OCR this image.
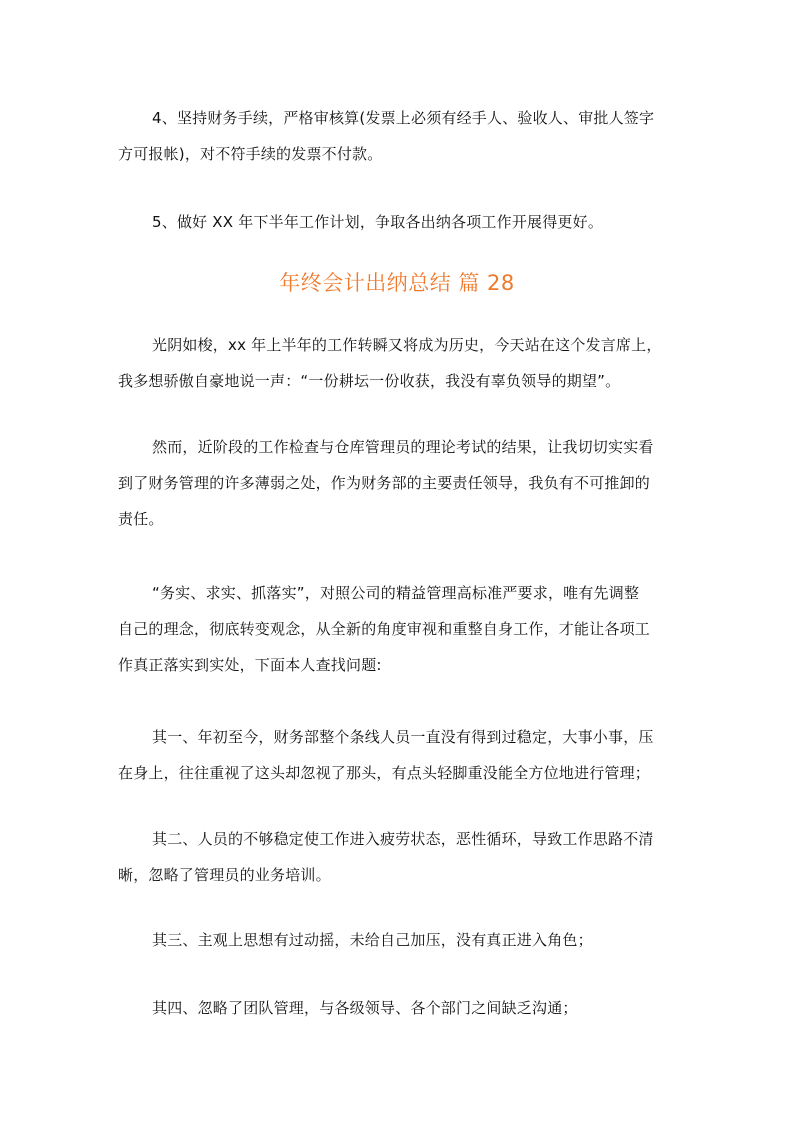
4、坚持财务手续，严格审核算(发票上必须有经手人、验收人、审批人签字
方可报帐)，对不符手续的发票不付款。

5、做好 XX 年下半年工作计划，争取各出纳各项工作开展得更好。

年终会计出纳总结 篇 28

光阴如梭，xx 年上半年的工作转瞬又将成为历史，今天站在这个发言席上，
我多想骄傲自豪地说一声：“一份耕坛一份收获，我没有辜负领导的期望”。

然而，近阶段的工作检查与仓库管理员的理论考试的结果，让我切切实实看
到了财务管理的许多薄弱之处，作为财务部的主要责任领导，我负有不可推卸的
责任。

“务实、求实、抓落实”，对照公司的精益管理高标准严要求，唯有先调整
自己的理念，彻底转变观念，从全新的角度审视和重整自身工作，才能让各项工
作真正落实到实处，下面本人查找问题:

其一、年初至今，财务部整个条线人员一直没有得到过稳定，大事小事，压
在身上，往往重视了这头却忽视了那头，有点头轻脚重没能全方位地进行管理；

其二、人员的不够稳定使工作进入疲劳状态，恶性循环，导致工作思路不清
晰，忽略了管理员的业务培训。

其三、主观上思想有过动摇，未给自己加压，没有真正进入角色；

其四、忽略了团队管理，与各级领导、各个部门之间缺乏沟通；
